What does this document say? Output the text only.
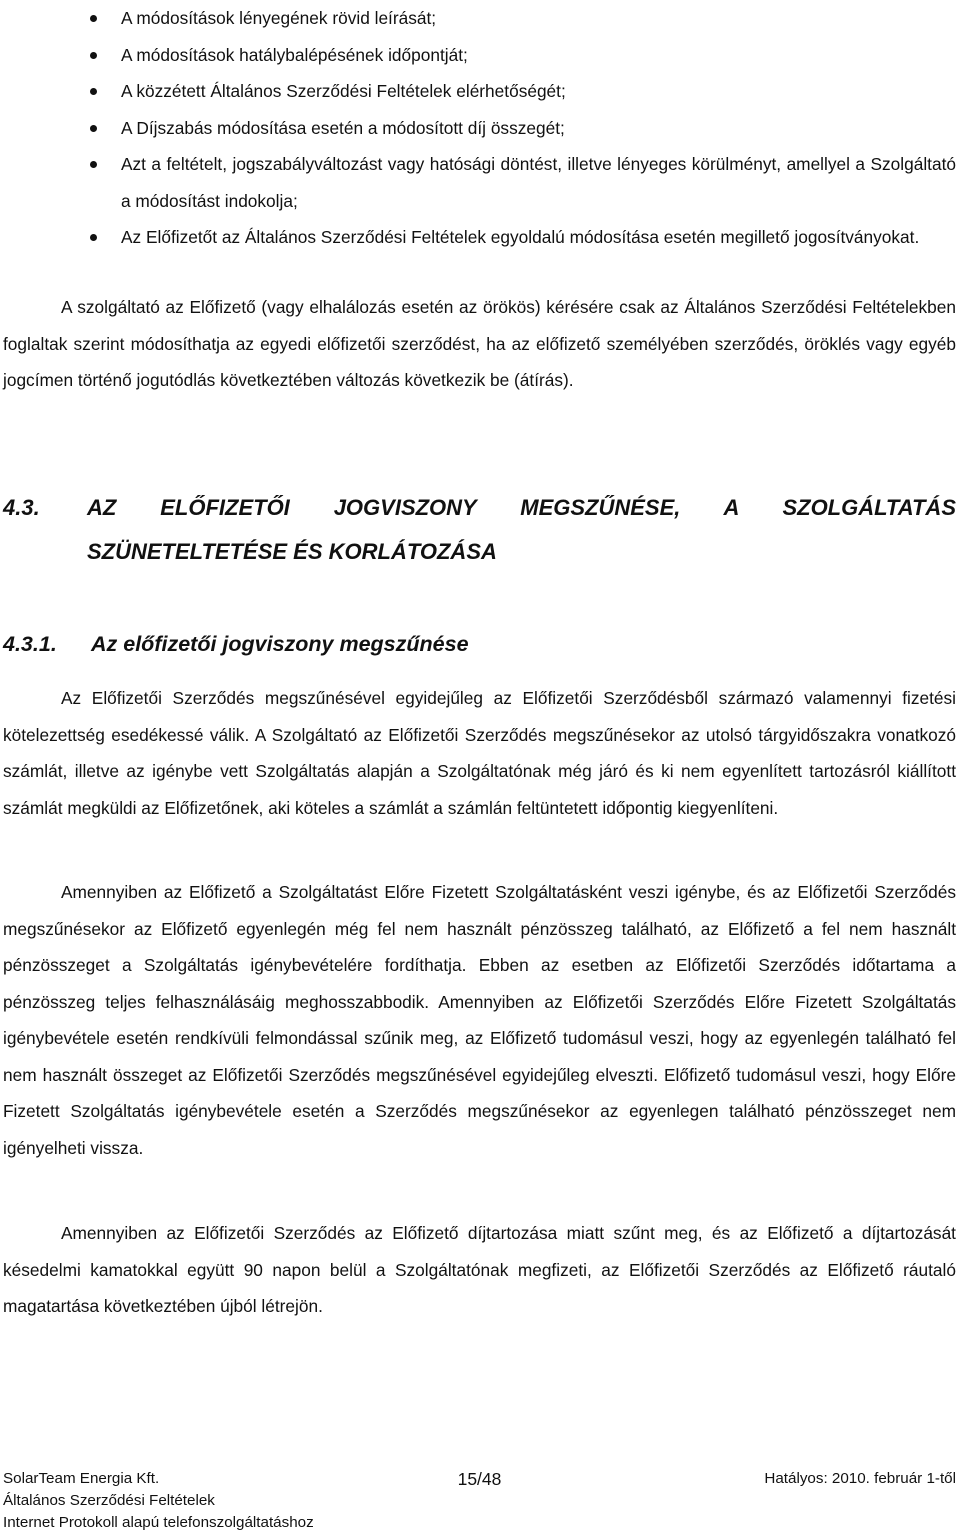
A módosítások lényegének rövid leírását;
A módosítások hatálybalépésének időpontját;
A közzétett Általános Szerződési Feltételek elérhetőségét;
A Díjszabás módosítása esetén a módosított díj összegét;
Azt a feltételt, jogszabályváltozást vagy hatósági döntést, illetve lényeges körülményt, amellyel a Szolgáltató a módosítást indokolja;
Az Előfizetőt az Általános Szerződési Feltételek egyoldalú módosítása esetén megillető jogosítványokat.

A szolgáltató az Előfizető (vagy elhalálozás esetén az örökös) kérésére csak az Általános Szerződési Feltételekben foglaltak szerint módosíthatja az egyedi előfizetői szerződést, ha az előfizető személyében szerződés, öröklés vagy egyéb jogcímen történő jogutódlás következtében változás következik be (átírás).

4.3. AZ ELŐFIZETŐI JOGVISZONY MEGSZŰNÉSE, A SZOLGÁLTATÁS SZÜNETELTETÉSE ÉS KORLÁTOZÁSA
4.3.1. Az előfizetői jogviszony megszűnése

Az Előfizetői Szerződés megszűnésével egyidejűleg az Előfizetői Szerződésből származó valamennyi fizetési kötelezettség esedékessé válik. A Szolgáltató az Előfizetői Szerződés megszűnésekor az utolsó tárgyidőszakra vonatkozó számlát, illetve az igénybe vett Szolgáltatás alapján a Szolgáltatónak még járó és ki nem egyenlített tartozásról kiállított számlát megküldi az Előfizetőnek, aki köteles a számlát a számlán feltüntetett időpontig kiegyenlíteni.

Amennyiben az Előfizető a Szolgáltatást Előre Fizetett Szolgáltatásként veszi igénybe, és az Előfizetői Szerződés megszűnésekor az Előfizető egyenlegén még fel nem használt pénzösszeg található, az Előfizető a fel nem használt pénzösszeget a Szolgáltatás igénybevételére fordíthatja. Ebben az esetben az Előfizetői Szerződés időtartama a pénzösszeg teljes felhasználásáig meghosszabbodik. Amennyiben az Előfizetői Szerződés Előre Fizetett Szolgáltatás igénybevétele esetén rendkívüli felmondással szűnik meg, az Előfizető tudomásul veszi, hogy az egyenlegén található fel nem használt összeget az Előfizetői Szerződés megszűnésével egyidejűleg elveszti. Előfizető tudomásul veszi, hogy Előre Fizetett Szolgáltatás igénybevétele esetén a Szerződés megszűnésekor az egyenlegen található pénzösszeget nem igényelheti vissza.

Amennyiben az Előfizetői Szerződés az Előfizető díjtartozása miatt szűnt meg, és az Előfizető a díjtartozását késedelmi kamatokkal együtt 90 napon belül a Szolgáltatónak megfizeti, az Előfizetői Szerződés az Előfizető ráutaló magatartása következtében újból létrejön.

15/48
SolarTeam Energia Kft.	Hatályos: 2010. február 1-től
Általános Szerződési Feltételek
Internet Protokoll alapú telefonszolgáltatáshoz
